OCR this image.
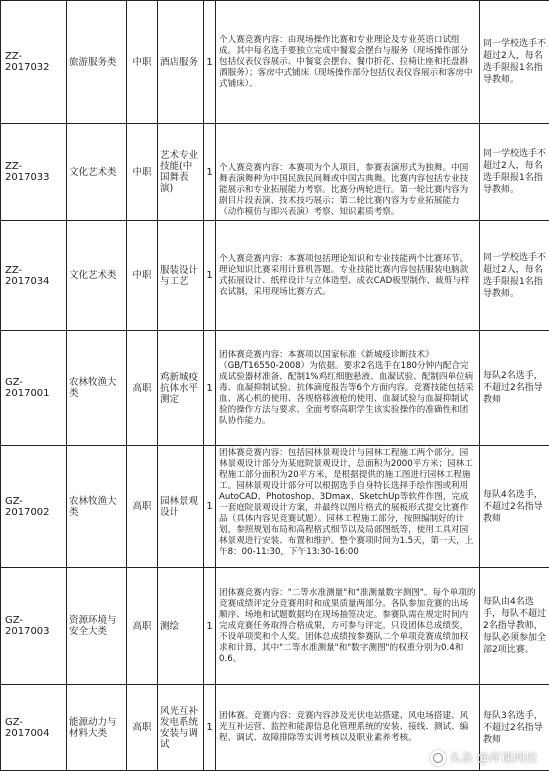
ZZ-2017032	旅游服务类	中职	酒店服务	1	个人赛竞赛内容：由现场操作比赛和专业理论及专业英语口试组成。其中每名选手要独立完成中餐宴会摆台与服务（现场操作部分包括仪表仪容展示、中餐宴会摆台、餐巾折花、拉椅让座和托盘斟酒服务）；客房中式铺床（现场操作部分包括仪表仪容展示和客房中式铺床）。	同一学校选手不超过2人，每名选手限报1名指导教师。
ZZ-2017033	文化艺术类	中职	艺术专业技能(中国舞表演)	1	个人赛竞赛内容：本赛项为个人项目，参赛表演形式为独舞。中国舞表演舞种为中国民族民间舞或中国古典舞。比赛内容包括专业技能展示和专业拓展能力考察。比赛分两轮进行。第一轮比赛内容为剧目片段表演、技术技巧展示；第二轮比赛内容为专业拓展能力（动作模仿与即兴表演）考察、知识素质考察。	同一学校选手不超过2人，每名选手限报1名指导教师。
ZZ-2017034	文化艺术类	中职	服装设计与工艺	1	个人赛竞赛内容：本赛项包括理论知识和专业技能两个比赛环节。理论知识比赛采用计算机答题。专业技能比赛内容包括服装电脑款式拓展设计、纸样设计与立体造型、成衣CAD板型制作、裁剪与样衣试制，采用现场比赛方式。	同一学校选手不超过2人，每名选手限报1名指导教师。
GZ-2017001	农林牧渔大类	高职	鸡新城疫抗体水平测定	1	团体赛竞赛内容：本赛项以国家标准《新城疫诊断技术》（GB/T16550-2008）为依据。要求2名选手在180分钟内配合完成试验器材准备、配制1%鸡红细胞悬液、血凝试验、配制四单位病毒、血凝抑制试验、抗体滴度报告等6个方面内容。竞赛技能包括采血、离心机的使用、各规格移液枪的使用、血凝试验与血凝抑制试验的操作方法与要求、全面考察高职学生该实验操作的准确性和团队协作能力。	每队2名选手，不超过2名指导教师
GZ-2017002	农林牧渔大类	高职	园林景观设计	1	团体赛竞赛内容：包括园林景观设计与园林工程施工两个部分。园林景观设计部分为某庭院景观设计，总面积为2000平方米；园林工程施工部分面积为20平方米，是根据提供的施工图进行园林工程施工。园林景观设计部分可以根据选手自身特长选择手绘作图或利用AutoCAD、Photoshop、3Dmax、SketchUp等软件作图，完成一套庭院景观设计方案，并最终以图片格式的展板形式提交比赛作品（具体内容见竞赛试题）。园林工程施工部分，按照编制好的计划，参照规划布局和高程格式细节以及局部图纸等，使用工具对园林景观进行安装、布置和维护。整个赛项时间为1.5天，第一天，上午8：00-11:30，下午13:30-16:00	每队4名选手，不超过2名指导教师
GZ-2017003	资源环境与安全大类	高职	测绘	1	团体赛竞赛内容："二等水准测量"和"准测量数字测图"。每个单项的竞赛成绩评定分竞赛用时和成果质量两部分。各队参加竞赛的出场顺序、场地和试题数据均在现场抽签决定。参赛队需在规定时间内完成竞赛任务取得合格成果，方可参与评定。只设团体总成绩奖，不设单项奖和个人奖。团体总成绩按参赛队二个单项竞赛成绩加权求和计算，其中"二等水准测量"和"数字测图"的权重分别为0.4和0.6。	每队由4名选手，每队不超过2名指导教师，每队必须参加全部2项比赛。
GZ-2017004	能源动力与材料大类	高职	风光互补发电系统安装与调试	1	团体赛。竞赛内容：竞赛内容涉及光伏电站搭建、风电场搭建、风光互补运营、监控和能源信息化管理系统的安装、接线、测试、编程、调试、故障排除等实训考核以及职业素养考核。	每队3名选手，不超过2名指导教师
头条 @库课网校
